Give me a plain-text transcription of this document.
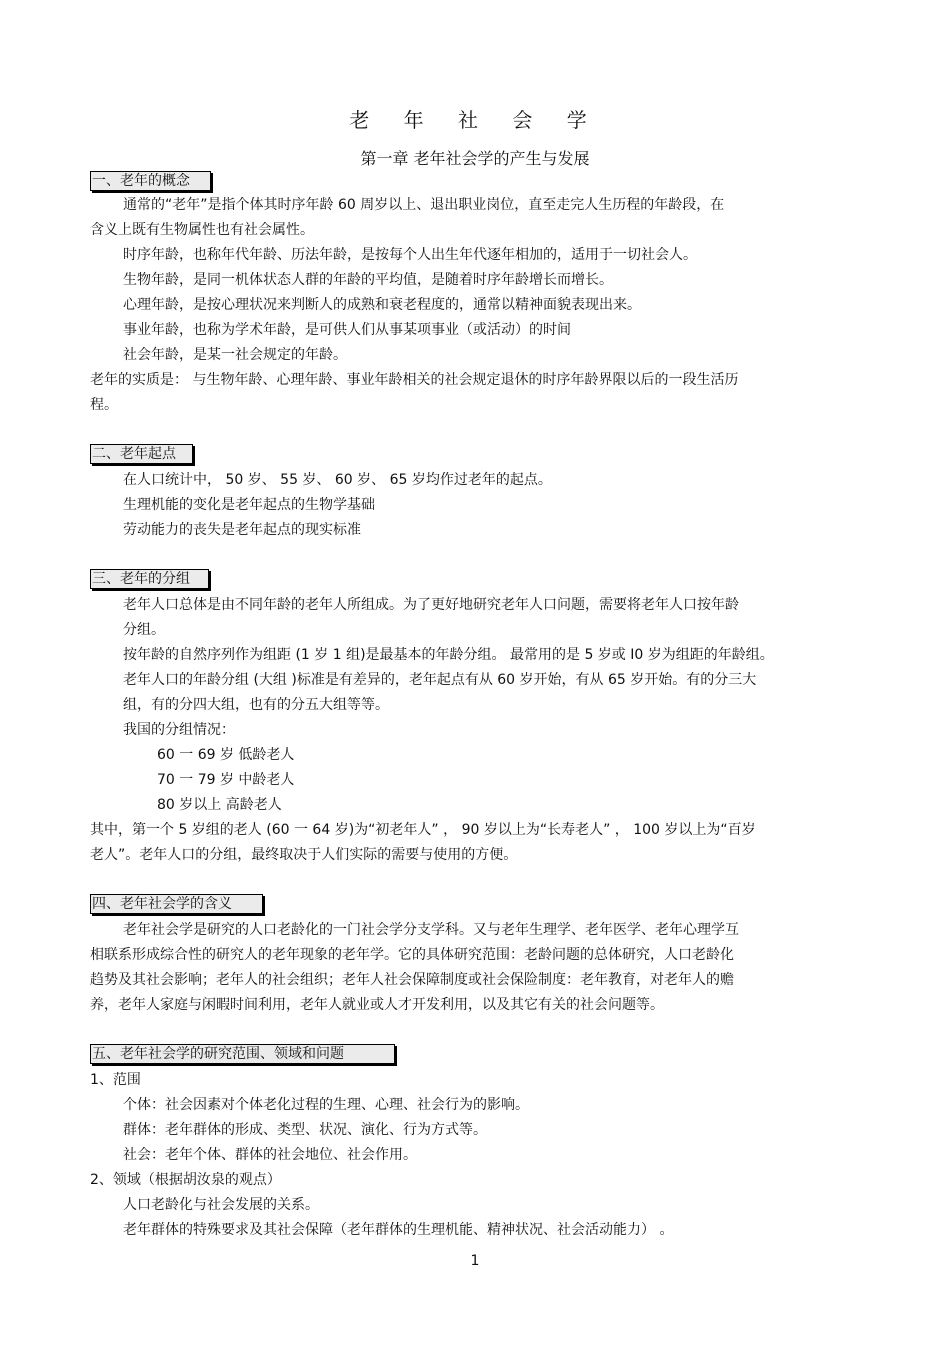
老 年 社 会 学
第一章 老年社会学的产生与发展
一、老年的概念
通常的“老年”是指个体其时序年龄 60 周岁以上、退出职业岗位，直至走完人生历程的年龄段，在
含义上既有生物属性也有社会属性。
时序年龄，也称年代年龄、历法年龄，是按每个人出生年代逐年相加的，适用于一切社会人。
生物年龄，是同一机体状态人群的年龄的平均值，是随着时序年龄增长而增长。
心理年龄，是按心理状况来判断人的成熟和衰老程度的，通常以精神面貌表现出来。
事业年龄，也称为学术年龄，是可供人们从事某项事业（或活动）的时间
社会年龄，是某一社会规定的年龄。
老年的实质是： 与生物年龄、心理年龄、事业年龄相关的社会规定退休的时序年龄界限以后的一段生活历
程。
二、老年起点
在人口统计中， 50 岁、 55 岁、 60 岁、 65 岁均作过老年的起点。
生理机能的变化是老年起点的生物学基础
劳动能力的丧失是老年起点的现实标准
三、老年的分组
老年人口总体是由不同年龄的老年人所组成。为了更好地研究老年人口问题，需要将老年人口按年龄
分组。
按年龄的自然序列作为组距 (1 岁 1 组)是最基本的年龄分组。 最常用的是 5 岁或 I0 岁为组距的年龄组。
老年人口的年龄分组 (大组 )标准是有差异的，老年起点有从 60 岁开始，有从 65 岁开始。有的分三大
组，有的分四大组，也有的分五大组等等。
我国的分组情况：
60 一 69 岁 低龄老人
70 一 79 岁 中龄老人
80 岁以上 高龄老人
其中，第一个 5 岁组的老人 (60 一 64 岁)为“初老年人” ， 90 岁以上为“长寿老人” ， 100 岁以上为“百岁
老人”。老年人口的分组，最终取决于人们实际的需要与使用的方便。
四、老年社会学的含义
老年社会学是研究的人口老龄化的一门社会学分支学科。又与老年生理学、老年医学、老年心理学互
相联系形成综合性的研究人的老年现象的老年学。它的具体研究范围：老龄问题的总体研究，人口老龄化
趋势及其社会影响；老年人的社会组织；老年人社会保障制度或社会保险制度：老年教育，对老年人的赡
养，老年人家庭与闲暇时间利用，老年人就业或人才开发利用，以及其它有关的社会问题等。
五、老年社会学的研究范围、领域和问题
1、范围
个体：社会因素对个体老化过程的生理、心理、社会行为的影响。
群体：老年群体的形成、类型、状况、演化、行为方式等。
社会：老年个体、群体的社会地位、社会作用。
2、领域（根据胡汝泉的观点）
人口老龄化与社会发展的关系。
老年群体的特殊要求及其社会保障（老年群体的生理机能、精神状况、社会活动能力） 。
1
